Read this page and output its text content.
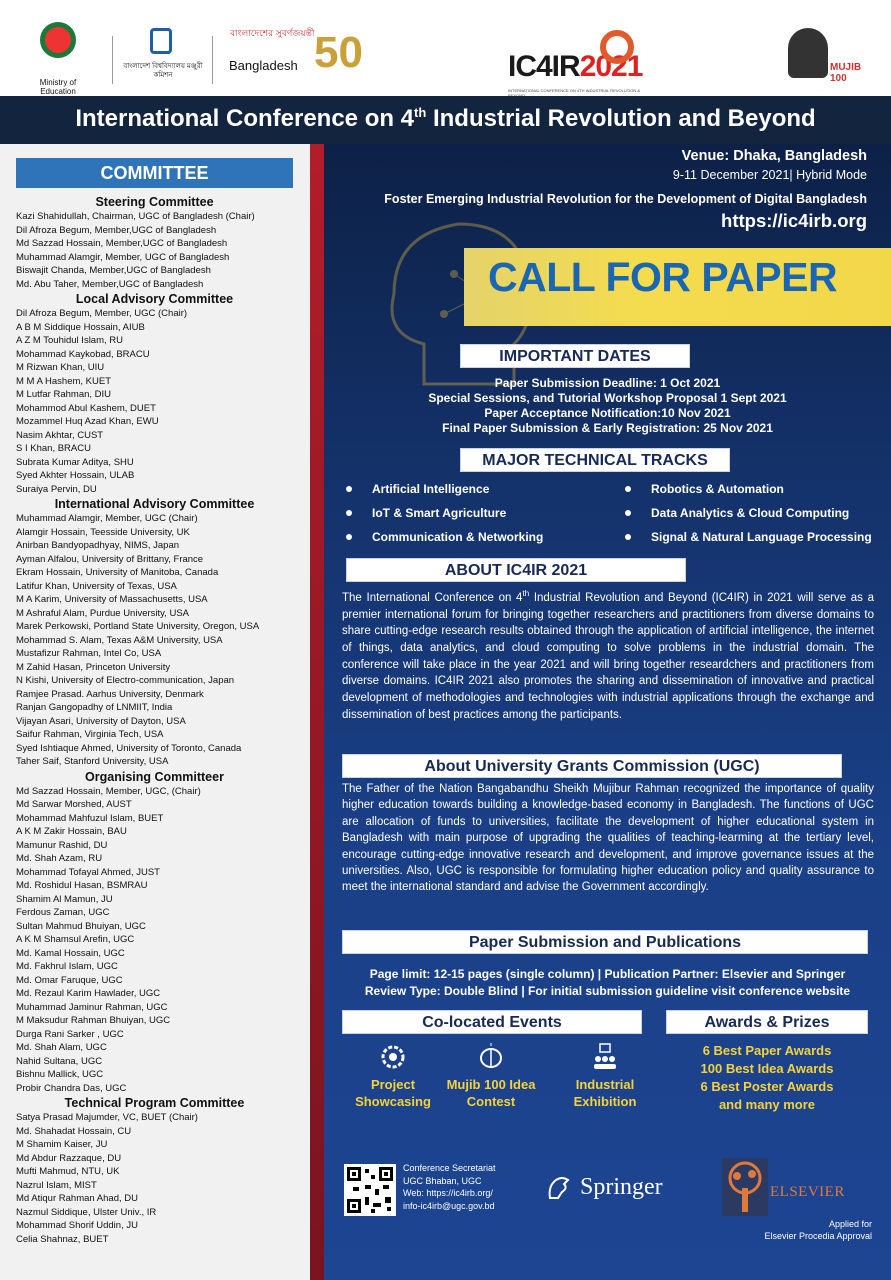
Ministry of Education
বাংলাদেশ বিশ্ববিদ্যালয় মঞ্জুরী কমিশন
বাংলাদেশের সুবর্ণজয়ন্তী
Bangladesh 50	IC4IR2021
INTERNATIONAL CONFERENCE ON 4TH INDUSTRIAL REVOLUTION &
MUJIB 100
International Conference on 4th Industrial Revolution and Beyond
COMMITTEE
Steering Committee
Kazi Shahidullah, Chairman, UGC of Bangladesh (Chair)
Dil Afroza Begum, Member,UGC of Bangladesh
Md Sazzad Hossain, Member,UGC of Bangladesh
Muhammad Alamgir, Member, UGC of Bangladesh
Biswajit Chanda, Member,UGC of Bangladesh
Md. Abu Taher, Member,UGC of Bangladesh
Local Advisory Committee
Dil Afroza Begum, Member, UGC (Chair)
A B M Siddique Hossain, AIUB
A Z M Touhidul Islam, RU
Mohammad Kaykobad, BRACU
M Rizwan Khan, UIU
M M A Hashem, KUET
M Lutfar Rahman, DIU
Mohammod Abul Kashem, DUET
Mozammel Huq Azad Khan, EWU
Nasim Akhtar, CUST
S I Khan, BRACU
Subrata Kumar Aditya, SHU
Syed Akhter Hossain, ULAB
Suraiya Pervin, DU
International Advisory Committee
Muhammad Alamgir, Member, UGC (Chair)
Alamgir Hossain, Teesside University, UK
Anirban Bandyopadhyay, NIMS, Japan
Ayman Alfalou, University of Brittany, France
Ekram Hossain, University of Manitoba, Canada
Latifur Khan, University of Texas, USA
M A Karim, University of Massachusetts, USA
M Ashraful Alam, Purdue University, USA
Marek Perkowski, Portland State University, Oregon, USA
Mohammad S. Alam, Texas A&M University, USA
Mustafizur Rahman, Intel Co, USA
M Zahid Hasan, Princeton University
N Kishi, University of Electro-communication, Japan
Ramjee Prasad. Aarhus University, Denmark
Ranjan Gangopadhy of LNMIIT, India
Vijayan Asari, University of Dayton, USA
Saifur Rahman, Virginia Tech, USA
Syed Ishtiaque Ahmed, University of Toronto, Canada
Taher Saif, Stanford University, USA
Organising Committeer
Md Sazzad Hossain, Member, UGC, (Chair)
Md Sarwar Morshed, AUST
Mohammad Mahfuzul Islam, BUET
A K M Zakir Hossain, BAU
Mamunur Rashid, DU
Md. Shah Azam, RU
Mohammad Tofayal Ahmed, JUST
Md. Roshidul Hasan, BSMRAU
Shamim Al Mamun, JU
Ferdous Zaman, UGC
Sultan Mahmud Bhuiyan, UGC
A K M Shamsul Arefin, UGC
Md. Kamal Hossain, UGC
Md. Fakhrul Islam, UGC
Md. Omar Faruque, UGC
Md. Rezaul Karim Hawlader, UGC
Muhammad Jaminur Rahman, UGC
M Maksudur Rahman Bhuiyan, UGC
Durga Rani Sarker , UGC
Md. Shah Alam, UGC
Nahid Sultana, UGC
Bishnu Mallick, UGC
Probir Chandra Das, UGC
Technical Program Committee
Satya Prasad Majumder, VC, BUET (Chair)
Md. Shahadat Hossain, CU
M Shamim Kaiser, JU
Md Abdur Razzaque, DU
Mufti Mahmud, NTU, UK
Nazrul Islam, MIST
Md Atiqur Rahman Ahad, DU
Nazmul Siddique, Ulster Univ., IR
Mohammad Shorif Uddin, JU
Celia Shahnaz, BUET
Venue: Dhaka, Bangladesh
9-11 December 2021| Hybrid Mode
Foster Emerging Industrial Revolution for the Development of Digital Bangladesh
https://ic4irb.org
CALL FOR PAPER
IMPORTANT DATES
Paper Submission Deadline: 1 Oct 2021
Special Sessions, and Tutorial Workshop Proposal 1 Sept 2021
Paper Acceptance Notification:10 Nov 2021
Final Paper Submission & Early Registration: 25 Nov 2021
MAJOR TECHNICAL TRACKS
Artificial Intelligence
IoT & Smart Agriculture
Communication & Networking
Robotics & Automation
Data Analytics & Cloud Computing
Signal & Natural Language Processing
ABOUT IC4IR 2021
The International Conference on 4th Industrial Revolution and Beyond (IC4IR) in 2021 will serve as a premier international forum for bringing together researchers and practitioners from diverse domains to share cutting-edge research results obtained through the application of artificial intelligence, the internet of things, data analytics, and cloud computing to solve problems in the industrial domain. The conference will take place in the year 2021 and will bring together researdchers and practitioners from diverse domains. IC4IR 2021 also promotes the sharing and dissemination of innovative and practical development of methodologies and technologies with industrial applications through the exchange and dissemination of best practices among the participants.
About University Grants Commission (UGC)
The Father of the Nation Bangabandhu Sheikh Mujibur Rahman recognized the importance of quality higher education towards building a knowledge-based economy in Bangladesh. The functions of UGC are allocation of funds to universities, facilitate the development of higher educational system in Bangladesh with main purpose of upgrading the qualities of teaching-learming at the tertiary level, encourage cutting-edge innovative research and development, and improve governance issues at the universities. Also, UGC is responsible for formulating higher education policy and quality assurance to meet the international standard and advise the Government accordingly.
Paper Submission and Publications
Page limit: 12-15 pages (single column) | Publication Partner: Elsevier and Springer
Review Type: Double Blind | For initial submission guideline visit conference website
Co-located Events	Awards & Prizes
Project
Showcasing
Mujib 100 Idea
Contest
Industrial
Exhibition
6 Best Paper Awards
100 Best Idea Awards
6 Best Poster Awards
and many more
Conference Secretariat
UGC Bhaban, UGC
Web: https://ic4irb.org/
info-ic4irb@ugc.gov.bd
Springer	ELSEVIER
Applied for
Elsevier Procedia Approval
